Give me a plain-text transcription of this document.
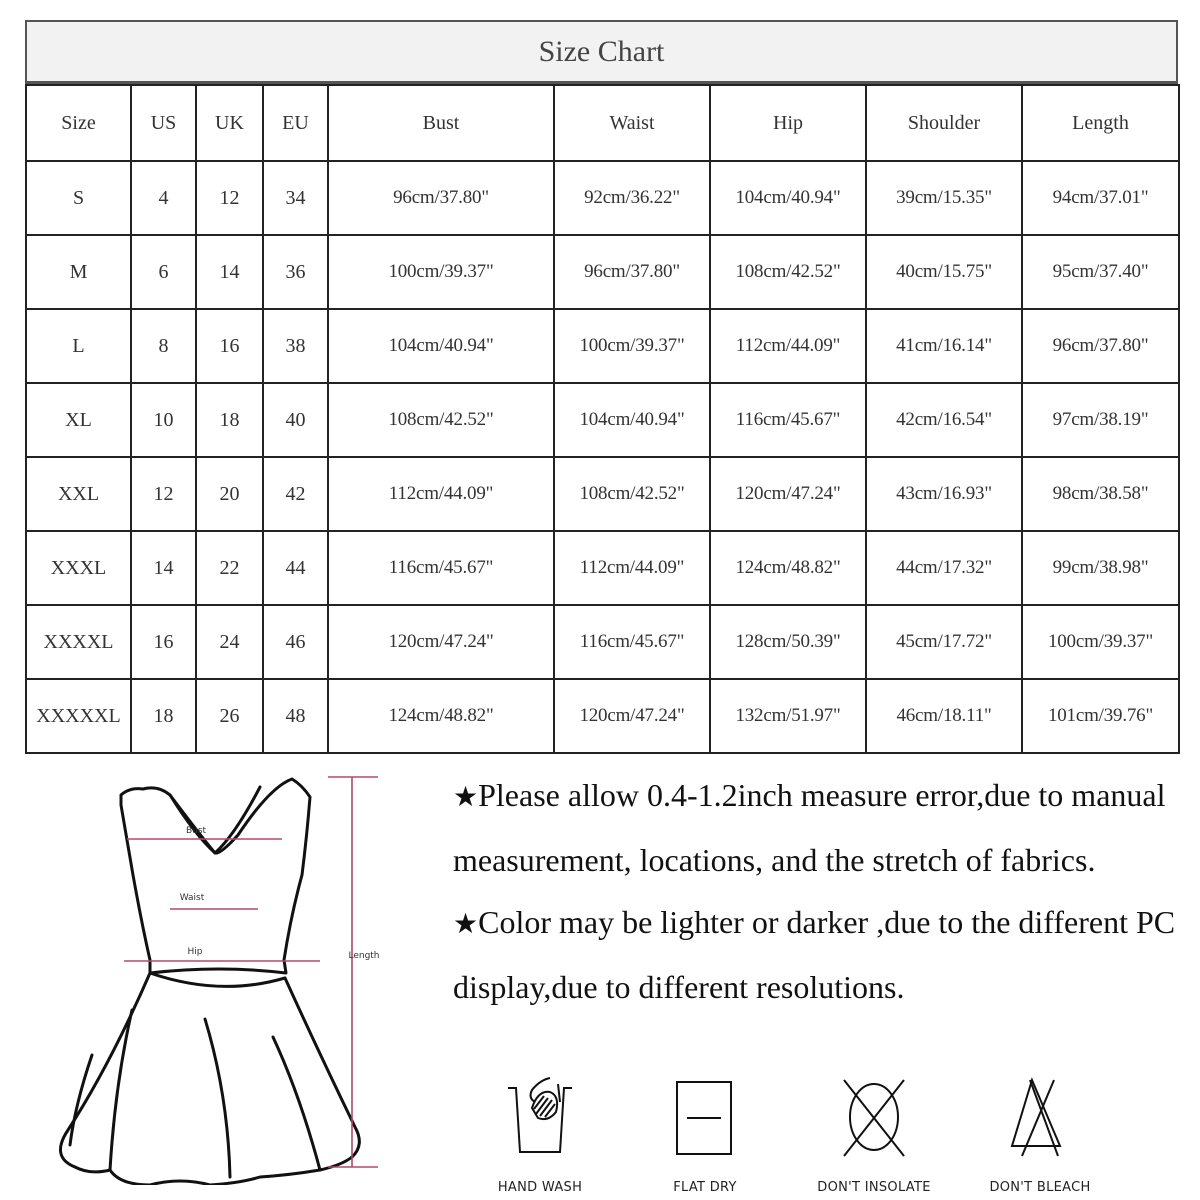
Size Chart
Size	US	UK	EU	Bust	Waist	Hip	Shoulder	Length
S	4	12	34	96cm/37.80"	92cm/36.22"	104cm/40.94"	39cm/15.35"	94cm/37.01"
M	6	14	36	100cm/39.37"	96cm/37.80"	108cm/42.52"	40cm/15.75"	95cm/37.40"
L	8	16	38	104cm/40.94"	100cm/39.37"	112cm/44.09"	41cm/16.14"	96cm/37.80"
XL	10	18	40	108cm/42.52"	104cm/40.94"	116cm/45.67"	42cm/16.54"	97cm/38.19"
XXL	12	20	42	112cm/44.09"	108cm/42.52"	120cm/47.24"	43cm/16.93"	98cm/38.58"
XXXL	14	22	44	116cm/45.67"	112cm/44.09"	124cm/48.82"	44cm/17.32"	99cm/38.98"
XXXXL	16	24	46	120cm/47.24"	116cm/45.67"	128cm/50.39"	45cm/17.72"	100cm/39.37"
XXXXXL	18	26	48	124cm/48.82"	120cm/47.24"	132cm/51.97"	46cm/18.11"	101cm/39.76"
Bust
Waist
Hip	Length

★Please allow 0.4-1.2inch measure error,due to manual measurement, locations, and the stretch of fabrics.

★Color may be lighter or darker ,due to the different PC display,due to different resolutions.

HAND WASH	FLAT DRY	DON'T INSOLATE	DON'T BLEACH
